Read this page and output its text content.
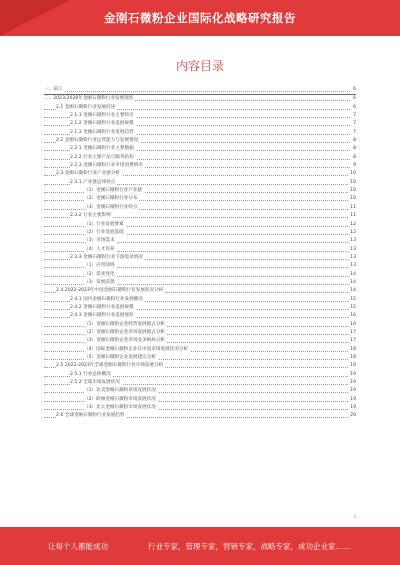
金刚石微粉企业国际化战略研究报告
内容目录
一、前言	6
二、2023-2028年金刚石微粉行业发展现状	6
2.1 金刚石微粉行业发展综述	6
2.1.1 金刚石微粉行业主要特点	7
2.1.2 金刚石微粉行业发展规模	7
2.1.3 金刚石微粉行业发展趋势	7
2.2 金刚石微粉行业运营能力与发展情况	8
2.2.1 金刚石微粉行业主要数据	8
2.2.2 行业主要产品与服务结构	8
2.2.3 金刚石微粉行业市场消费情况	9
2.3 金刚石微粉行业产业链分析	10
2.3.1 产业链总体特点	10
（1）金刚石微粉行业产业链	10
（2）金刚石微粉行业分布	10
（3）金刚石微粉行业特点	11
2.3.2 行业主要影响	11
（1）行业发展要素	12
（2）行业发展基础	12
（3）市场需求	13
（4）人才培养	13
2.3.3 金刚石微粉行业下游需求情况	13
（1）应用领域	13
（2）需求变化	14
（3）发展前景	14
2.4 2022-2023年中国金刚石微粉行业发展状况分析	14
2.4.1 国内金刚石微粉行业发展概况	15
2.4.2 金刚石微粉行业发展规模	15
2.4.3 金刚石微粉行业发展现状	16
（1）金刚石微粉企业经营发展模式分析	16
（2）金刚石微粉企业市场发展模式分析	17
（3）金刚石微粉企业市场竞争格局分析	17
（4）国际金刚石微粉企业在中国市场发展状况分析	18
（5）金刚石微粉企业发展建议分析	18
2.5 2022-2023年全球金刚石微粉行业市场发展分析	19
2.5.1 行业总体概况	19
2.5.2 全球市场发展状况	19
（1）北美金刚石微粉市场发展状况	19
（2）欧洲金刚石微粉市场发展状况	19
（3）亚太金刚石微粉市场发展状况	19
2.6 全球金刚石微粉行业发展趋势	20
3
让每个人都能成功	行业专家，管理专家，营销专家，战略专家，成功企业家……
